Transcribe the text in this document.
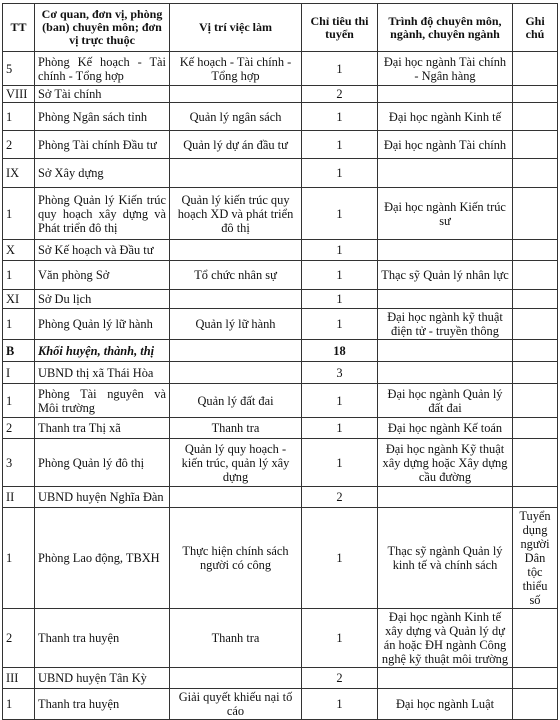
TT	Cơ quan, đơn vị, phòng (ban) chuyên môn; đơn vị trực thuộc	Vị trí việc làm	Chỉ tiêu thi tuyển	Trình độ chuyên môn, ngành, chuyên ngành	Ghi chú
5	Phòng Kế hoạch - Tài chính - Tổng hợp	Kế hoạch - Tài chính - Tổng hợp	1	Đại học ngành Tài chính - Ngân hàng	
VIII	Sở Tài chính		2		
1	Phòng Ngân sách tỉnh	Quản lý ngân sách	1	Đại học ngành Kinh tế	
2	Phòng Tài chính Đầu tư	Quản lý dự án đầu tư	1	Đại học ngành Tài chính	
IX	Sở Xây dựng		1		
1	Phòng Quản lý Kiến trúc quy hoạch xây dựng và Phát triển đô thị	Quản lý kiến trúc quy hoạch XD và phát triển đô thị	1	Đại học ngành Kiến trúc sư	
X	Sở Kế hoạch và Đầu tư		1		
1	Văn phòng Sở	Tổ chức nhân sự	1	Thạc sỹ Quản lý nhân lực	
XI	Sở Du lịch		1		
1	Phòng Quản lý lữ hành	Quản lý lữ hành	1	Đại học ngành kỹ thuật điện tử - truyền thông	
B	Khối huyện, thành, thị		18		
I	UBND thị xã Thái Hòa		3		
1	Phòng Tài nguyên và Môi trường	Quản lý đất đai	1	Đại học ngành Quản lý đất đai	
2	Thanh tra Thị xã	Thanh tra	1	Đại học ngành Kế toán	
3	Phòng Quản lý đô thị	Quản lý quy hoạch - kiến trúc, quản lý xây dựng	1	Đại học ngành Kỹ thuật xây dựng hoặc Xây dựng cầu đường	
II	UBND huyện Nghĩa Đàn		2		
1	Phòng Lao động, TBXH	Thực hiện chính sách người có công	1	Thạc sỹ ngành Quản lý kinh tế và chính sách	Tuyển dụng người Dân tộc thiểu số
2	Thanh tra huyện	Thanh tra	1	Đại học ngành Kinh tế xây dựng và Quản lý dự án hoặc ĐH ngành Công nghệ kỹ thuật môi trường	
III	UBND huyện Tân Kỳ		2		
1	Thanh tra huyện	Giải quyết khiếu nại tố cáo	1	Đại học ngành Luật	
